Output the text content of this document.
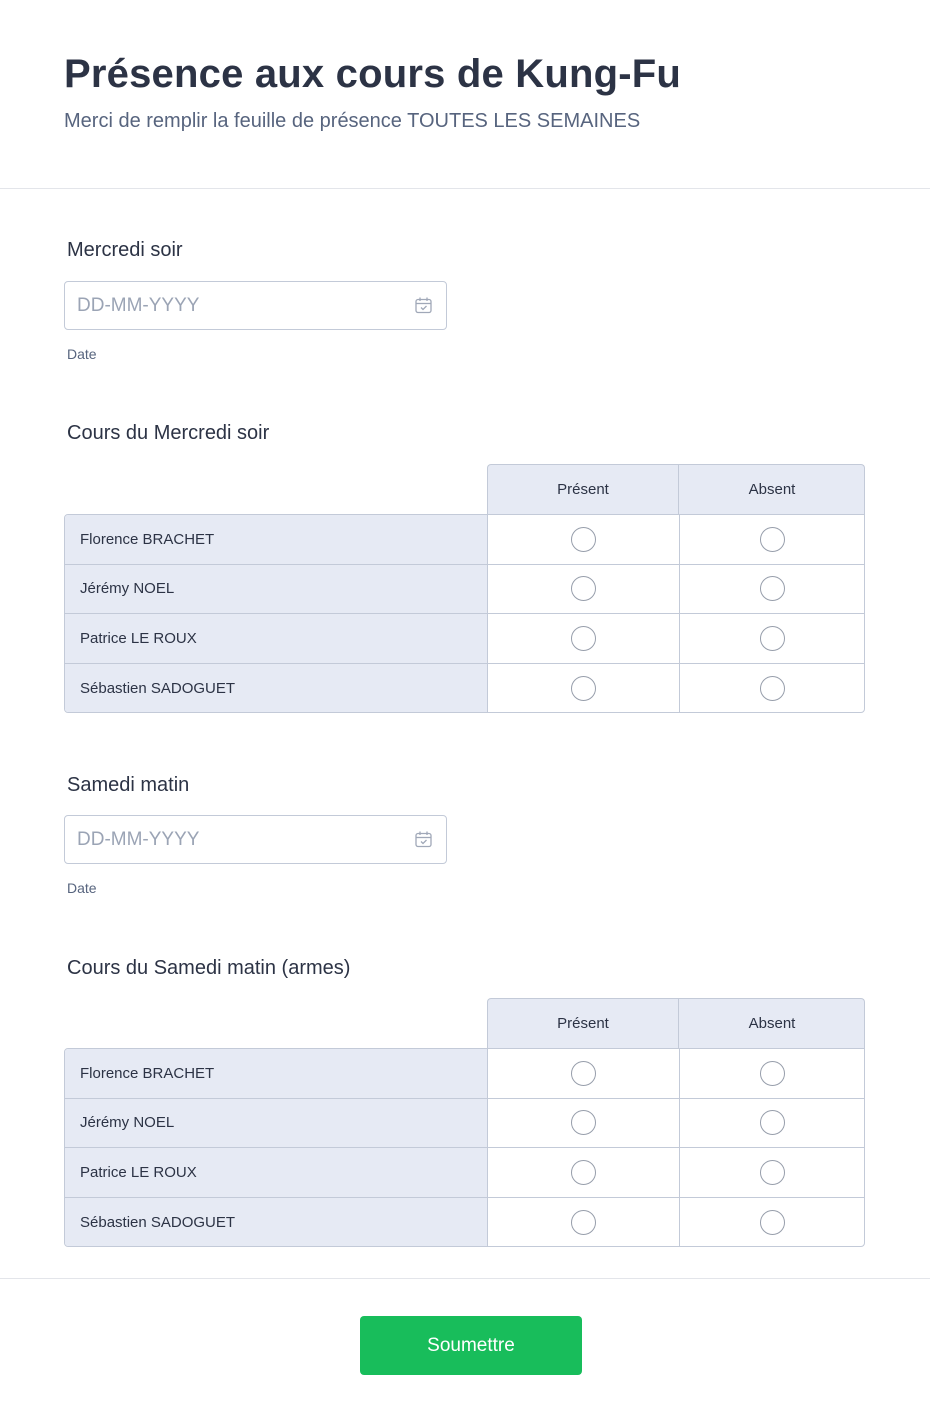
Présence aux cours de Kung-Fu
Merci de remplir la feuille de présence TOUTES LES SEMAINES
Mercredi soir
DD-MM-YYYY
Date
Cours du Mercredi soir
Présent	Absent
Florence BRACHET
Jérémy NOEL
Patrice LE ROUX
Sébastien SADOGUET
Samedi matin
DD-MM-YYYY
Date
Cours du Samedi matin (armes)
Présent	Absent
Florence BRACHET
Jérémy NOEL
Patrice LE ROUX
Sébastien SADOGUET
Soumettre
